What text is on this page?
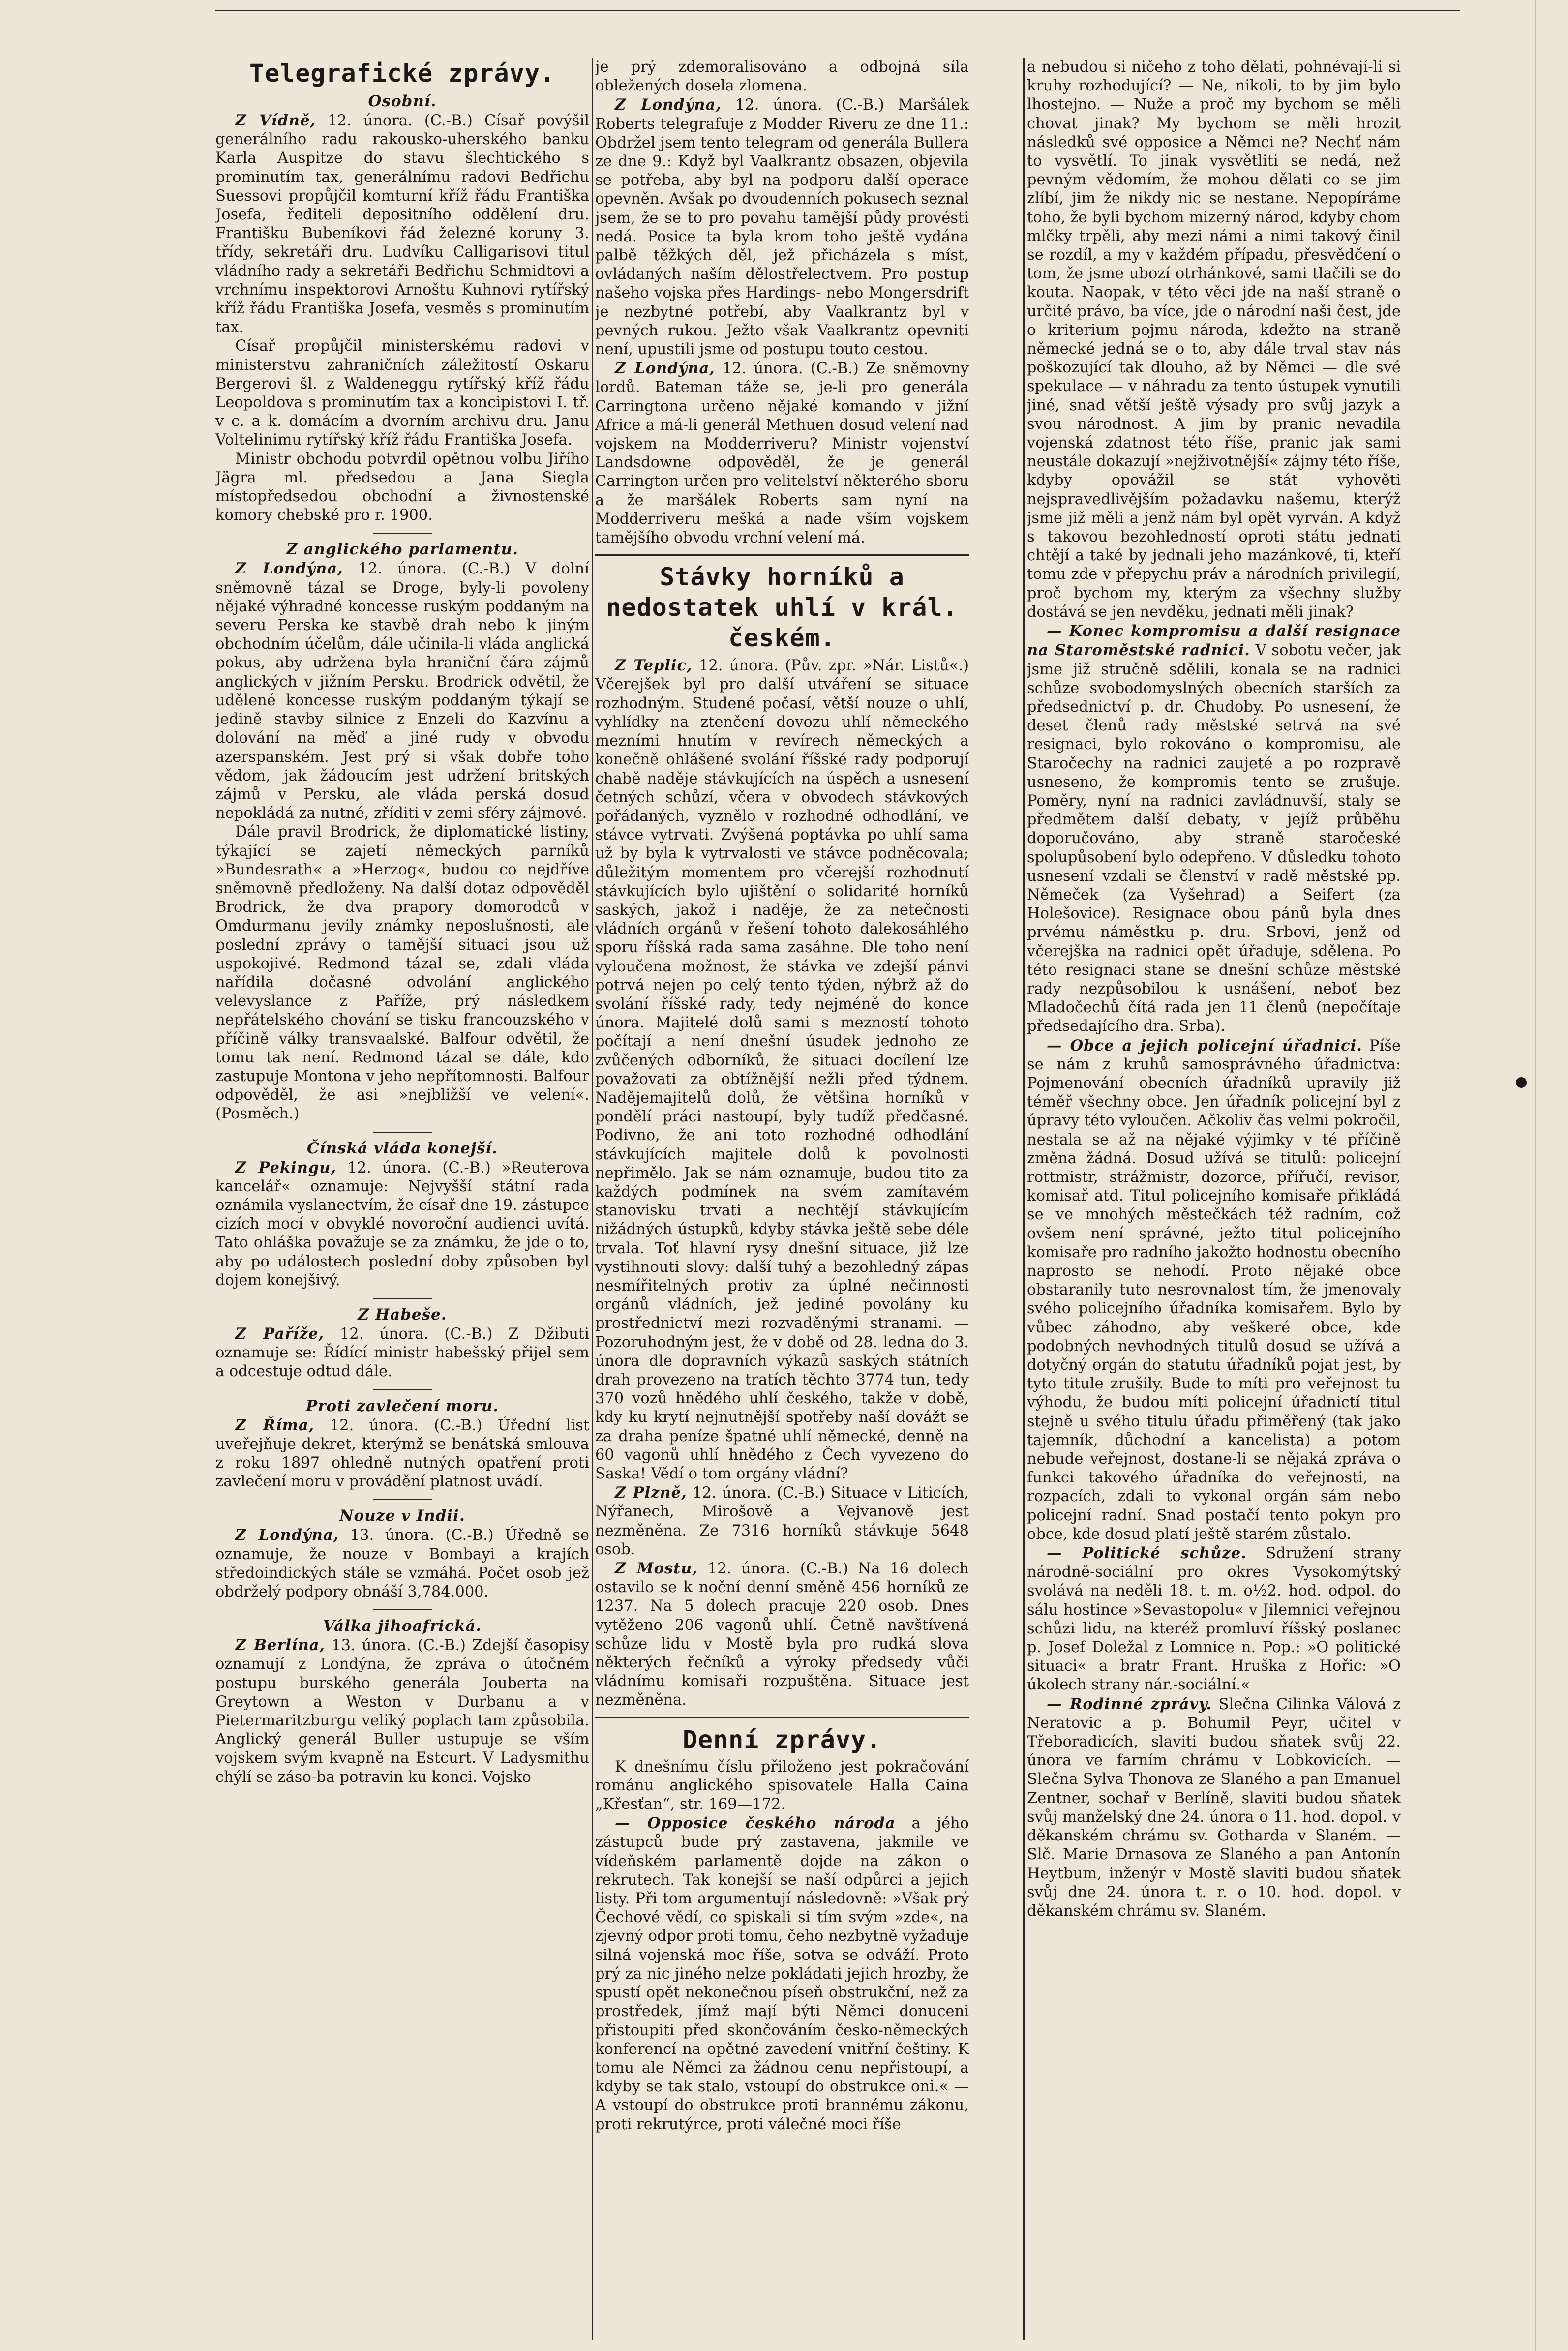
Telegrafické zprávy.
Osobní.

Z Vídně, 12. února. (C.-B.) Císař povýšil generálního radu rakousko-uherského banku Karla Auspitze do stavu šlechtického s prominutím tax, generálnímu radovi Bedřichu Suessovi propůjčil komturní kříž řádu Františka Josefa, řediteli depositního oddělení dru. Františku Bubeníkovi řád železné koruny 3. třídy, sekretáři dru. Ludvíku Calligarisovi titul vládního rady a sekretáři Bedřichu Schmidtovi a vrchnímu inspektorovi Arnoštu Kuhnovi rytířský kříž řádu Františka Josefa, vesměs s prominutím tax.

Císař propůjčil ministerskému radovi v ministerstvu zahraničních záležitostí Oskaru Bergerovi šl. z Waldeneggu rytířský kříž řádu Leopoldova s prominutím tax a koncipistovi I. tř. v c. a k. domácím a dvorním archivu dru. Janu Voltelinimu rytířský kříž řádu Františka Josefa.

Ministr obchodu potvrdil opětnou volbu Jiřího Jägra ml. předsedou a Jana Siegla místopředsedou obchodní a živnostenské komory chebské pro r. 1900.

Z anglického parlamentu.

Z Londýna, 12. února. (C.-B.) V dolní sněmovně tázal se Droge, byly-li povoleny nějaké výhradné koncesse ruským poddaným na severu Perska ke stavbě drah nebo k jiným obchodním účelům, dále učinila-li vláda anglická pokus, aby udržena byla hraniční čára zájmů anglických v jižním Persku. Brodrick odvětil, že udělené koncesse ruským poddaným týkají se jedině stavby silnice z Enzeli do Kazvínu a dolování na měď a jiné rudy v obvodu azerspanském. Jest prý si však dobře toho vědom, jak žádoucím jest udržení britských zájmů v Persku, ale vláda perská dosud nepokládá za nutné, zříditi v zemi sféry zájmové.

Dále pravil Brodrick, že diplomatické listiny, týkající se zajetí německých parníků »Bundesrath« a »Herzog«, budou co nejdříve sněmovně předloženy. Na další dotaz odpověděl Brodrick, že dva prapory domorodců v Omdurmanu jevily známky neposlušnosti, ale poslední zprávy o tamější situaci jsou už uspokojivé. Redmond tázal se, zdali vláda nařídila dočasné odvolání anglického velevyslance z Paříže, prý následkem nepřátelského chování se tisku francouzského v příčině války transvaalské. Balfour odvětil, že tomu tak není. Redmond tázal se dále, kdo zastupuje Montona v jeho nepřítomnosti. Balfour odpověděl, že asi »nejbližší ve velení«. (Posměch.)

Čínská vláda konejší.

Z Pekingu, 12. února. (C.-B.) »Reuterova kancelář« oznamuje: Nejvyšší státní rada oznámila vyslanectvím, že císař dne 19. zástupce cizích mocí v obvyklé novoroční audienci uvítá. Tato ohláška považuje se za známku, že jde o to, aby po událostech poslední doby způsoben byl dojem konejšivý.

Z Habeše.

Z Paříže, 12. února. (C.-B.) Z Džibuti oznamuje se: Řídící ministr habešský přijel sem a odcestuje odtud dále.

Proti zavlečení moru.

Z Říma, 12. února. (C.-B.) Úřední list uveřejňuje dekret, kterýmž se benátská smlouva z roku 1897 ohledně nutných opatření proti zavlečení moru v provádění platnost uvádí.

Nouze v Indii.

Z Londýna, 13. února. (C.-B.) Úředně se oznamuje, že nouze v Bombayi a krajích středoindických stále se vzmáhá. Počet osob jež obdrželý podpory obnáší 3,784.000.

Válka jihoafrická.

Z Berlína, 13. února. (C.-B.) Zdejší časopisy oznamují z Londýna, že zpráva o útočném postupu burského generála Jouberta na Greytown a Weston v Durbanu a v Pietermaritzburgu veliký poplach tam způsobila. Anglický generál Buller ustupuje se vším vojskem svým kvapně na Estcurt. V Ladysmithu chýlí se záso-ba potravin ku konci. Vojsko

je prý zdemoralisováno a odbojná síla obležených dosela zlomena.

Z Londýna, 12. února. (C.-B.) Maršálek Roberts telegrafuje z Modder Riveru ze dne 11.: Obdržel jsem tento telegram od generála Bullera ze dne 9.: Když byl Vaalkrantz obsazen, objevila se potřeba, aby byl na podporu další operace opevněn. Avšak po dvoudenních pokusech seznal jsem, že se to pro povahu tamější půdy provésti nedá. Posice ta byla krom toho ještě vydána palbě těžkých děl, jež přicházela s míst, ovládaných naším dělostřelectvem. Pro postup našeho vojska přes Hardings- nebo Mongersdrift je nezbytné potřebí, aby Vaalkrantz byl v pevných rukou. Ježto však Vaalkrantz opevniti není, upustili jsme od postupu touto cestou.

Z Londýna, 12. února. (C.-B.) Ze sněmovny lordů. Bateman táže se, je-li pro generála Carringtona určeno nějaké komando v jižní Africe a má-li generál Methuen dosud velení nad vojskem na Modderriveru? Ministr vojenství Landsdowne odpověděl, že je generál Carrington určen pro velitelství některého sboru a že maršálek Roberts sam nyní na Modderriveru mešká a nade vším vojskem tamějšího obvodu vrchní velení má.

Stávky horníků a nedostatek uhlí v král. českém.

Z Teplic, 12. února. (Pův. zpr. »Nár. Listů«.) Včerejšek byl pro další utváření se situace rozhodným. Studené počasí, větší nouze o uhlí, vyhlídky na ztenčení dovozu uhlí německého mezními hnutím v revírech německých a konečně ohlášené svolání říšské rady podporují chabě naděje stávkujících na úspěch a usnesení četných schůzí, včera v obvodech stávkových pořádaných, vyznělo v rozhodné odhodlání, ve stávce vytrvati. Zvýšená poptávka po uhlí sama už by byla k vytrvalosti ve stávce podněcovala; důležitým momentem pro včerejší rozhodnutí stávkujících bylo ujištění o solidarité horníků saských, jakož i naděje, že za netečnosti vládních orgánů v řešení tohoto dalekosáhlého sporu říšská rada sama zasáhne. Dle toho není vyloučena možnost, že stávka ve zdejší pánvi potrvá nejen po celý tento týden, nýbrž až do svolání říšské rady, tedy nejméně do konce února. Majitelé dolů sami s mezností tohoto počítají a není dnešní úsudek jednoho ze zvůčených odborníků, že situaci docílení lze považovati za obtížnější nežli před týdnem. Nadějemajitelů dolů, že většina horníků v pondělí práci nastoupí, byly tudíž předčasné. Podivno, že ani toto rozhodné odhodlání stávkujících majitele dolů k povolnosti nepřimělo. Jak se nám oznamuje, budou tito za každých podmínek na svém zamítavém stanovisku trvati a nechtějí stávkujícím nižádných ústupků, kdyby stávka ještě sebe déle trvala. Toť hlavní rysy dnešní situace, již lze vystihnouti slovy: další tuhý a bezohledný zápas nesmířitelných protiv za úplné nečinnosti orgánů vládních, jež jediné povolány ku prostřednictví mezi rozvaděnými stranami. — Pozoruhodným jest, že v době od 28. ledna do 3. února dle dopravních výkazů saských státních drah provezeno na tratích těchto 3774 tun, tedy 370 vozů hnědého uhlí českého, takže v době, kdy ku krytí nejnutnější spotřeby naší dovážt se za draha peníze špatné uhlí německé, denně na 60 vagonů uhlí hnědého z Čech vyvezeno do Saska! Vědí o tom orgány vládní?

Z Plzně, 12. února. (C.-B.) Situace v Liticích, Nýřanech, Mirošově a Vejvanově jest nezměněna. Ze 7316 horníků stávkuje 5648 osob.

Z Mostu, 12. února. (C.-B.) Na 16 dolech ostavilo se k noční denní směně 456 horníků ze 1237. Na 5 dolech pracuje 220 osob. Dnes vytěženo 206 vagonů uhlí. Četně navštívená schůze lidu v Mostě byla pro rudká slova některých řečníků a výroky předsedy vůči vládnímu komisaři rozpuštěna. Situace jest nezměněna.

Denní zprávy.

K dnešnímu číslu přiloženo jest pokračování románu anglického spisovatele Halla Caina „Křesťan“, str. 169—172.

— Opposice českého národa a jého zástupců bude prý zastavena, jakmile ve vídeňském parlamentě dojde na zákon o rekrutech. Tak konejší se naší odpůrci a jejich listy. Při tom argumentují následovně: »Však prý Čechové vědí, co spiskali si tím svým »zde«, na zjevný odpor proti tomu, čeho nezbytně vyžaduje silná vojenská moc říše, sotva se odváží. Proto prý za nic jiného nelze pokládati jejich hrozby, že spustí opět nekonečnou píseň obstrukční, než za prostředek, jímž mají býti Němci donuceni přistoupiti před skončováním česko-německých konferencí na opětné zavedení vnitřní češtiny. K tomu ale Němci za žádnou cenu nepřistoupí, a kdyby se tak stalo, vstoupí do obstrukce oni.« — A vstoupí do obstrukce proti brannému zákonu, proti rekrutýrce, proti válečné moci říše

a nebudou si ničeho z toho dělati, pohnévají-li si kruhy rozhodující? — Ne, nikoli, to by jim bylo lhostejno. — Nuže a proč my bychom se měli chovat jinak? My bychom se měli hrozit následků své opposice a Němci ne? Nechť nám to vysvětlí. To jinak vysvětliti se nedá, než pevným vědomím, že mohou dělati co se jim zlíbí, jim že nikdy nic se nestane. Nepopíráme toho, že byli bychom mizerný národ, kdyby chom mlčky trpěli, aby mezi námi a nimi takový činil se rozdíl, a my v každém případu, přesvědčení o tom, že jsme ubozí otrhánkové, sami tlačili se do kouta. Naopak, v této věci jde na naší straně o určité právo, ba více, jde o národní naši čest, jde o kriterium pojmu národa, kdežto na straně německé jedná se o to, aby dále trval stav nás poškozující tak dlouho, až by Němci — dle své spekulace — v náhradu za tento ústupek vynutili jiné, snad větší ještě výsady pro svůj jazyk a svou národnost. A jim by pranic nevadila vojenská zdatnost této říše, pranic jak sami neustále dokazují »nejživotnější« zájmy této říše, kdyby opovážil se stát vyhověti nejspravedlivějším požadavku našemu, kterýž jsme již měli a jenž nám byl opět vyrván. A když s takovou bezohledností oproti státu jednati chtějí a také by jednali jeho mazánkové, ti, kteří tomu zde v přepychu práv a národních privilegií, proč bychom my, kterým za všechny služby dostává se jen nevděku, jednati měli jinak?

— Konec kompromisu a další resignace na Staroměstské radnici. V sobotu večer, jak jsme již stručně sdělili, konala se na radnici schůze svobodomyslných obecních starších za předsednictví p. dr. Chudoby. Po usnesení, že deset členů rady městské setrvá na své resignaci, bylo rokováno o kompromisu, ale Staročechy na radnici zaujeté a po rozpravě usneseno, že kompromis tento se zrušuje. Poměry, nyní na radnici zavládnuvší, staly se předmětem další debaty, v jejíž průběhu doporučováno, aby straně staročeské spolupůsobení bylo odepřeno. V důsledku tohoto usnesení vzdali se členství v radě městské pp. Němeček (za Vyšehrad) a Seifert (za Holešovice). Resignace obou pánů byla dnes prvému náměstku p. dru. Srbovi, jenž od včerejška na radnici opět úřaduje, sdělena. Po této resignaci stane se dnešní schůze městské rady nezpůsobilou k usnášení, neboť bez Mladočechů čítá rada jen 11 členů (nepočítaje předsedajícího dra. Srba).

— Obce a jejich policejní úřadnici. Píše se nám z kruhů samosprávného úřadnictva: Pojmenování obecních úřadníků upravily již téměř všechny obce. Jen úřadník policejní byl z úpravy této vyloučen. Ačkoliv čas velmi pokročil, nestala se až na nějaké výjimky v té příčině změna žádná. Dosud užívá se titulů: policejní rottmistr, strážmistr, dozorce, přířučí, revisor, komisař atd. Titul policejního komisaře přikládá se ve mnohých městečkách též radním, což ovšem není správné, ježto titul policejního komisaře pro radního jakožto hodnostu obecního naprosto se nehodí. Proto nějaké obce obstaranily tuto nesrovnalost tím, že jmenovaly svého policejního úřadníka komisařem. Bylo by vůbec záhodno, aby veškeré obce, kde podobných nevhodných titulů dosud se užívá a dotyčný orgán do statutu úřadníků pojat jest, by tyto titule zrušily. Bude to míti pro veřejnost tu výhodu, že budou míti policejní úřadnictí titul stejně u svého titulu úřadu přiměřený (tak jako tajemník, důchodní a kancelista) a potom nebude veřejnost, dostane-li se nějaká zpráva o funkci takového úřadníka do veřejnosti, na rozpacích, zdali to vykonal orgán sám nebo policejní radní. Snad postačí tento pokyn pro obce, kde dosud platí ještě starém zůstalo.

— Politické schůze. Sdružení strany národně-sociální pro okres Vysokomýtský svolává na neděli 18. t. m. o½2. hod. odpol. do sálu hostince »Sevastopolu« v Jilemnici veřejnou schůzi lidu, na kteréž promluví říšský poslanec p. Josef Doležal z Lomnice n. Pop.: »O politické situaci« a bratr Frant. Hruška z Hořic: »O úkolech strany nár.-sociální.«

— Rodinné zprávy. Slečna Cilinka Válová z Neratovic a p. Bohumil Peyr, učitel v Třeboradicích, slaviti budou sňatek svůj 22. února ve farním chrámu v Lobkovicích. — Slečna Sylva Thonova ze Slaného a pan Emanuel Zentner, sochař v Berlíně, slaviti budou sňatek svůj manželský dne 24. února o 11. hod. dopol. v děkanském chrámu sv. Gotharda v Slaném. — Slč. Marie Drnasova ze Slaného a pan Antonín Heytbum, inženýr v Mostě slaviti budou sňatek svůj dne 24. února t. r. o 10. hod. dopol. v děkanském chrámu sv. Slaném.
